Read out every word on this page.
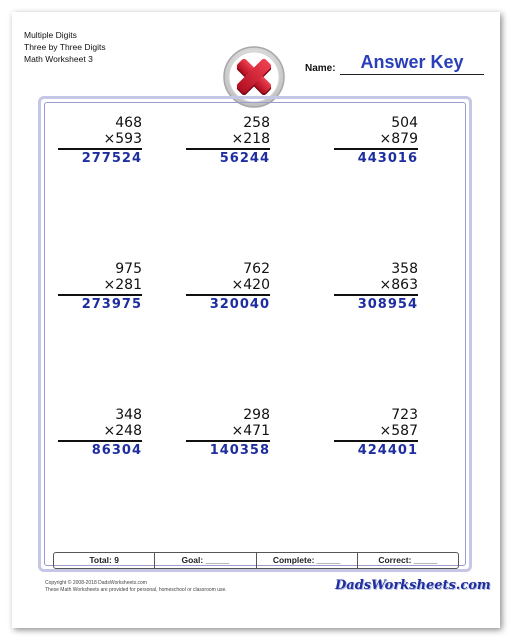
Multiple Digits
Three by Three Digits
Math Worksheet 3
Name:	Answer Key
468
×593
277524
258
×218
56244
504
×879
443016
975
×281
273975
762
×420
320040
358
×863
308954
348
×248
86304
298
×471
140358
723
×587
424401
Total: 9	Goal: _____	Complete: _____	Correct: _____
Copyright © 2008-2018 DadsWorksheets.com
These Math Worksheets are provided for personal, homeschool or classroom use.	DadsWorksheets.com
